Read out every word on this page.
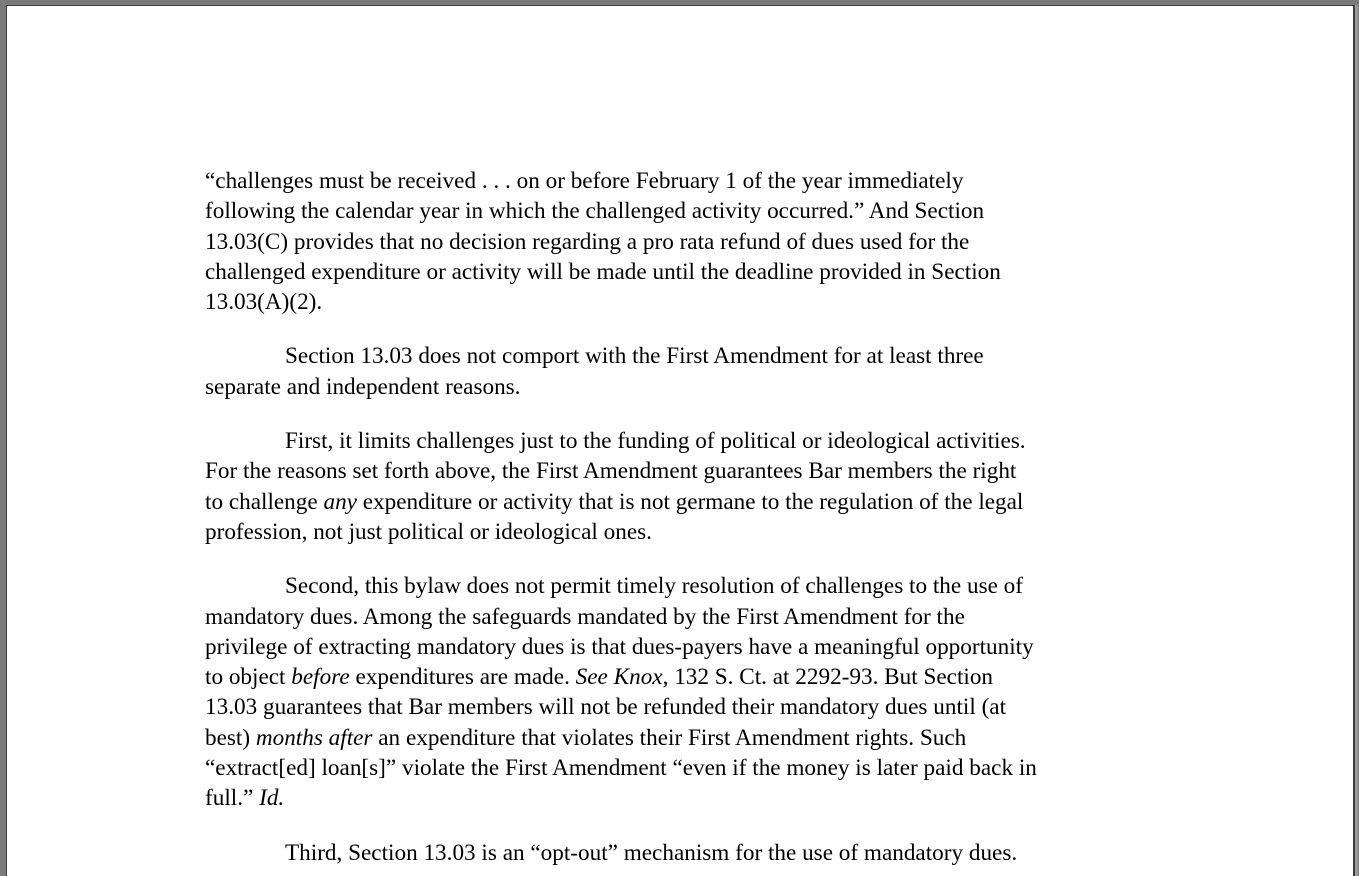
“challenges must be received . . . on or before February 1 of the year immediately
following the calendar year in which the challenged activity occurred.” And Section
13.03(C) provides that no decision regarding a pro rata refund of dues used for the
challenged expenditure or activity will be made until the deadline provided in Section
13.03(A)(2).

Section 13.03 does not comport with the First Amendment for at least three
separate and independent reasons.

First, it limits challenges just to the funding of political or ideological activities.
For the reasons set forth above, the First Amendment guarantees Bar members the right
to challenge any expenditure or activity that is not germane to the regulation of the legal
profession, not just political or ideological ones.

Second, this bylaw does not permit timely resolution of challenges to the use of
mandatory dues. Among the safeguards mandated by the First Amendment for the
privilege of extracting mandatory dues is that dues-payers have a meaningful opportunity
to object before expenditures are made. See Knox, 132 S. Ct. at 2292-93. But Section
13.03 guarantees that Bar members will not be refunded their mandatory dues until (at
best) months after an expenditure that violates their First Amendment rights. Such
“extract[ed] loan[s]” violate the First Amendment “even if the money is later paid back in
full.” Id.

Third, Section 13.03 is an “opt-out” mechanism for the use of mandatory dues.
